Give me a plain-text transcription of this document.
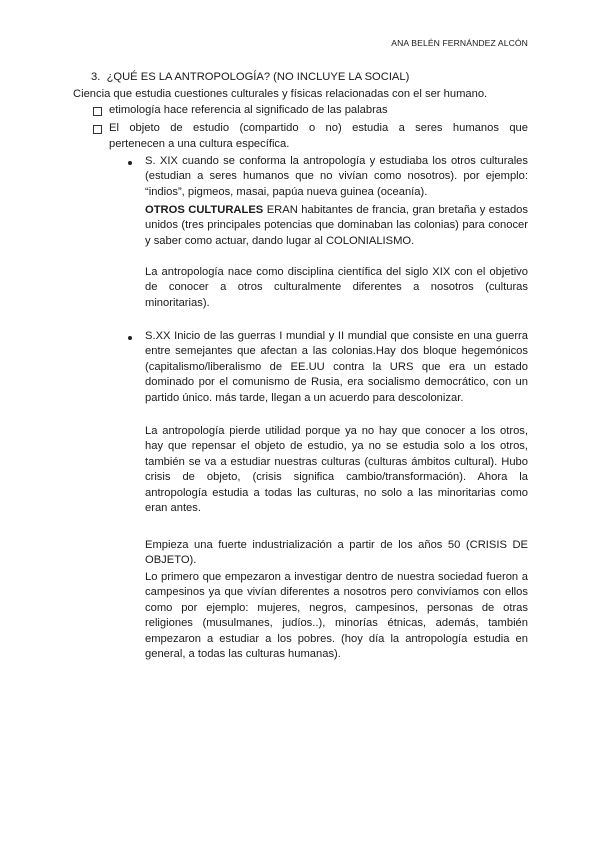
ANA BELÉN FERNÁNDEZ ALCÓN
3. ¿QUÉ ES LA ANTROPOLOGÍA? (NO INCLUYE LA SOCIAL)
Ciencia que estudia cuestiones culturales y físicas relacionadas con el ser humano.
etimología hace referencia al significado de las palabras
El objeto de estudio (compartido o no) estudia a seres humanos que
pertenecen a una cultura específica.
S. XIX cuando se conforma la antropología y estudiaba los otros culturales (estudian a seres humanos que no vivían como nosotros). por ejemplo: “indios”, pigmeos, masai, papúa nueva guinea (oceanía).
OTROS CULTURALES ERAN habitantes de francia, gran bretaña y estados unidos (tres principales potencias que dominaban las colonias) para conocer y saber como actuar, dando lugar al COLONIALISMO.
La antropología nace como disciplina científica del siglo XIX con el objetivo de conocer a otros culturalmente diferentes a nosotros (culturas minoritarias).
S.XX Inicio de las guerras I mundial y II mundial que consiste en una guerra entre semejantes que afectan a las colonias.Hay dos bloque hegemónicos (capitalismo/liberalismo de EE.UU contra la URS que era un estado dominado por el comunismo de Rusia, era socialismo democrático, con un partido único. más tarde, llegan a un acuerdo para descolonizar.
La antropología pierde utilidad porque ya no hay que conocer a los otros, hay que repensar el objeto de estudio, ya no se estudia solo a los otros, también se va a estudiar nuestras culturas (culturas ámbitos cultural). Hubo crisis de objeto, (crisis significa cambio/transformación). Ahora la antropología estudia a todas las culturas, no solo a las minoritarias como eran antes.
Empieza una fuerte industrialización a partir de los años 50 (CRISIS DE OBJETO).
Lo primero que empezaron a investigar dentro de nuestra sociedad fueron a campesinos ya que vivían diferentes a nosotros pero convivíamos con ellos como por ejemplo: mujeres, negros, campesinos, personas de otras religiones (musulmanes, judíos..), minorías étnicas, además, también empezaron a estudiar a los pobres. (hoy día la antropología estudia en general, a todas las culturas humanas).
